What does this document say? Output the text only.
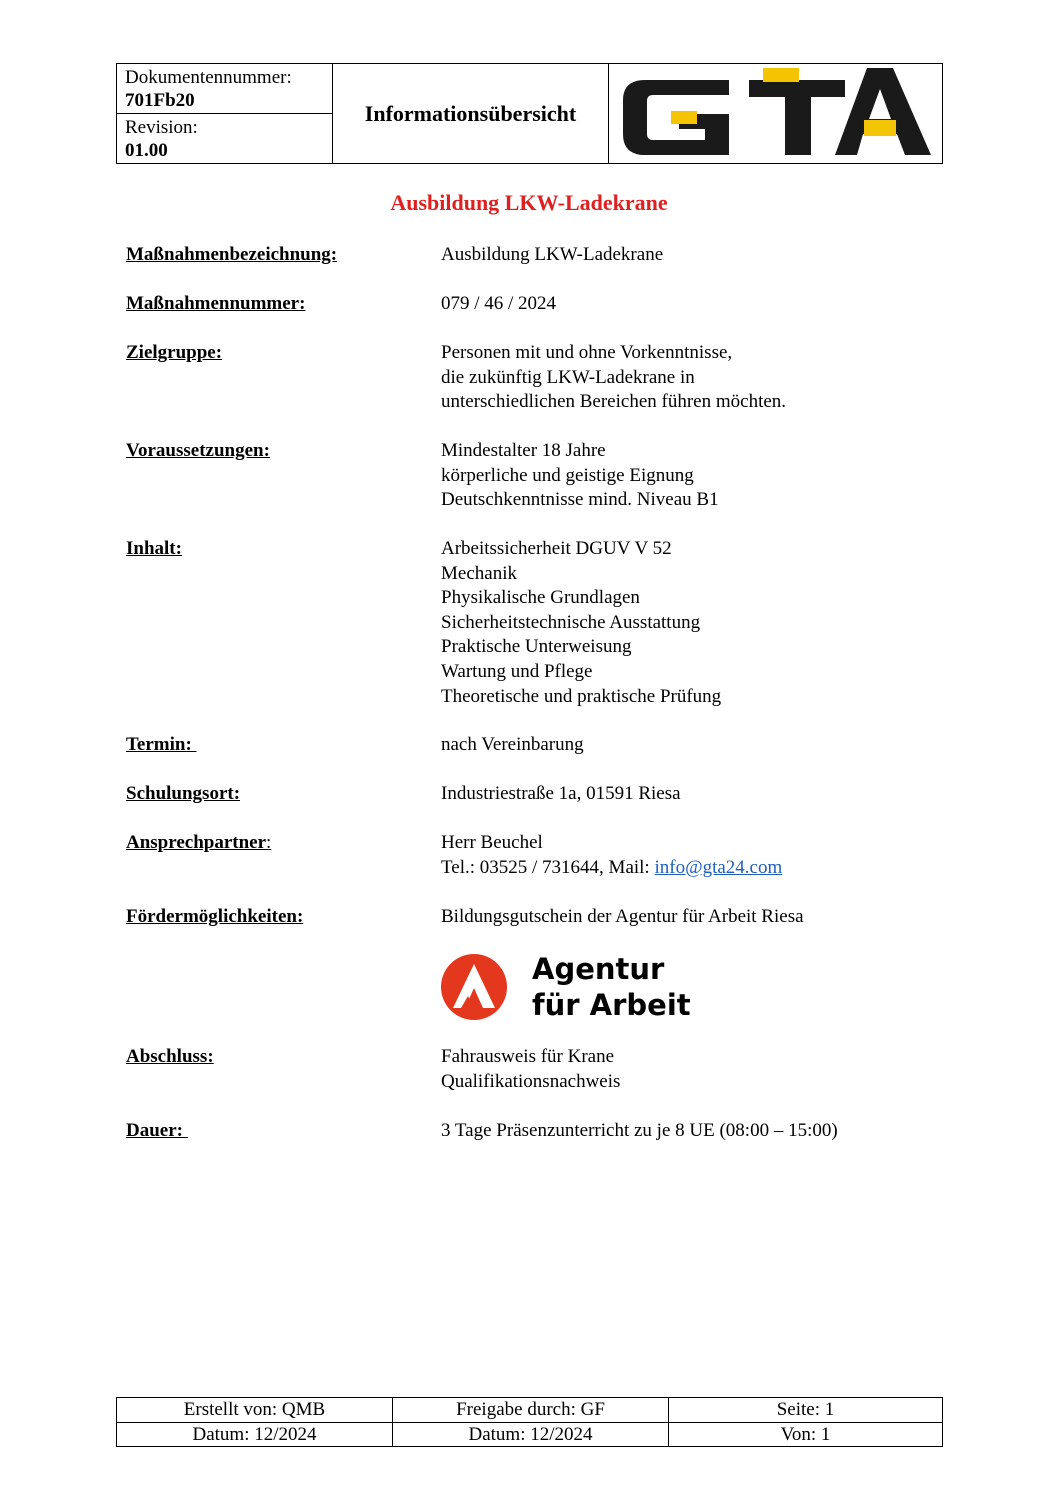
Dokumentennummer:
701Fb20
Revision:
01.00
Informationsübersicht
Ausbildung LKW-Ladekrane
Maßnahmenbezeichnung:	Ausbildung LKW-Ladekrane
Maßnahmennummer:	079 / 46 / 2024
Zielgruppe:	Personen mit und ohne Vorkenntnisse,
die zukünftig LKW-Ladekrane in
unterschiedlichen Bereichen führen möchten.
Voraussetzungen:	Mindestalter 18 Jahre
körperliche und geistige Eignung
Deutschkenntnisse mind. Niveau B1
Inhalt:	Arbeitssicherheit DGUV V 52
Mechanik
Physikalische Grundlagen
Sicherheitstechnische Ausstattung
Praktische Unterweisung
Wartung und Pflege
Theoretische und praktische Prüfung
Termin:	nach Vereinbarung
Schulungsort:	Industriestraße 1a, 01591 Riesa
Ansprechpartner:	Herr Beuchel
Tel.: 03525 / 731644, Mail: info@gta24.com
Fördermöglichkeiten:	Bildungsgutschein der Agentur für Arbeit Riesa
Agentur
für Arbeit
Abschluss:	Fahrausweis für Krane
Qualifikationsnachweis
Dauer:	3 Tage Präsenzunterricht zu je 8 UE (08:00 – 15:00)
Erstellt von: QMB	Freigabe durch: GF	Seite: 1
Datum: 12/2024	Datum: 12/2024	Von: 1
